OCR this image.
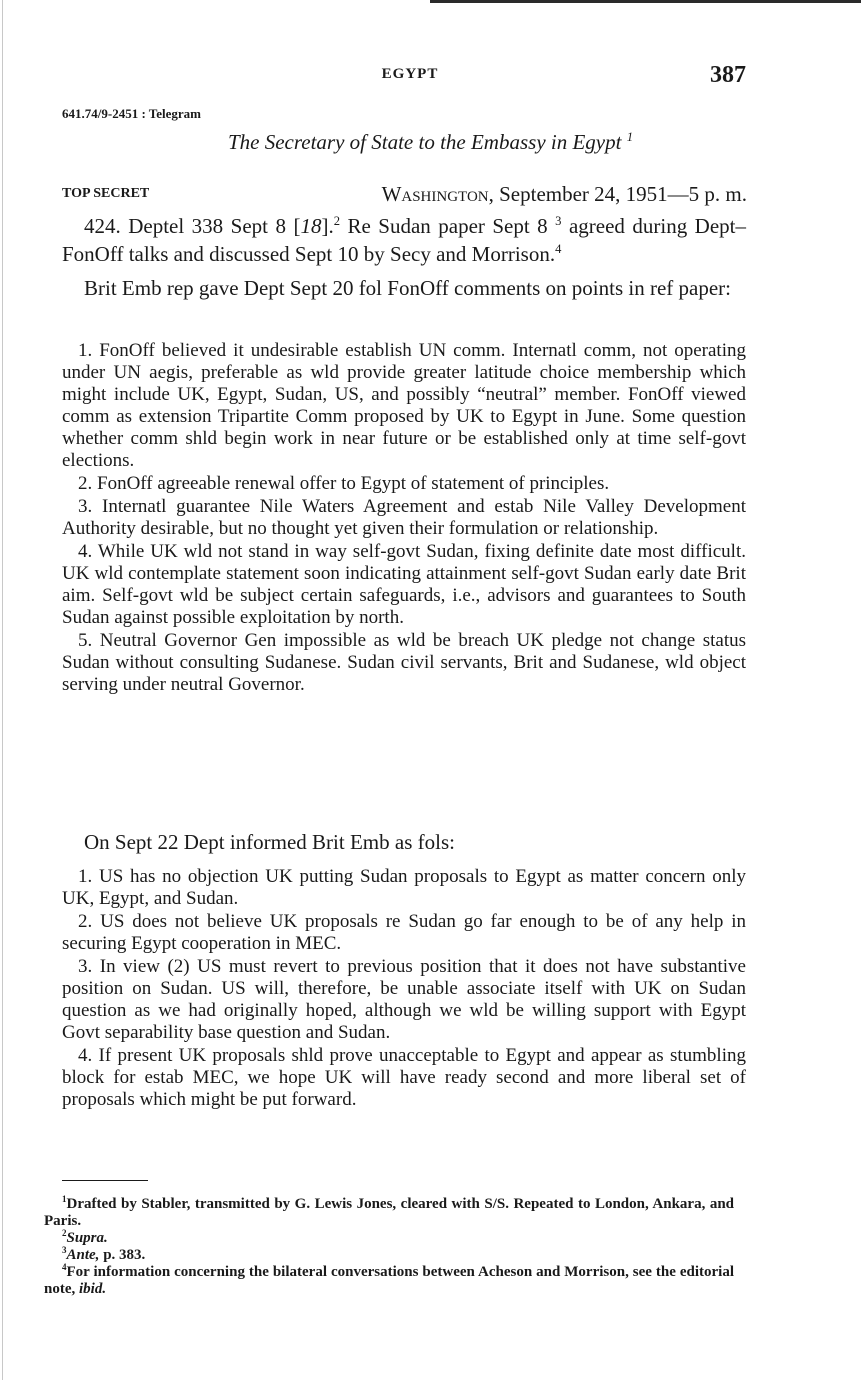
EGYPT	387
641.74/9-2451 : Telegram
The Secretary of State to the Embassy in Egypt $^1$
TOP SECRET	Washington, September 24, 1951—5 p. m.

424. Deptel 338 Sept 8 [18].$^2$ Re Sudan paper Sept 8 $^3$ agreed during Dept–FonOff talks and discussed Sept 10 by Secy and Morrison.$^4$

Brit Emb rep gave Dept Sept 20 fol FonOff comments on points in ref paper:

1. FonOff believed it undesirable establish UN comm. Internatl comm, not operating under UN aegis, preferable as wld provide greater latitude choice membership which might include UK, Egypt, Sudan, US, and possibly “neutral” member. FonOff viewed comm as extension Tripartite Comm proposed by UK to Egypt in June. Some question whether comm shld begin work in near future or be established only at time self-govt elections.

2. FonOff agreeable renewal offer to Egypt of statement of principles.

3. Internatl guarantee Nile Waters Agreement and estab Nile Valley Development Authority desirable, but no thought yet given their formulation or relationship.

4. While UK wld not stand in way self-govt Sudan, fixing definite date most difficult. UK wld contemplate statement soon indicating attainment self-govt Sudan early date Brit aim. Self-govt wld be subject certain safeguards, i.e., advisors and guarantees to South Sudan against possible exploitation by north.

5. Neutral Governor Gen impossible as wld be breach UK pledge not change status Sudan without consulting Sudanese. Sudan civil servants, Brit and Sudanese, wld object serving under neutral Governor.

On Sept 22 Dept informed Brit Emb as fols:

1. US has no objection UK putting Sudan proposals to Egypt as matter concern only UK, Egypt, and Sudan.

2. US does not believe UK proposals re Sudan go far enough to be of any help in securing Egypt cooperation in MEC.

3. In view (2) US must revert to previous position that it does not have substantive position on Sudan. US will, therefore, be unable associate itself with UK on Sudan question as we had originally hoped, although we wld be willing support with Egypt Govt separability base question and Sudan.

4. If present UK proposals shld prove unacceptable to Egypt and appear as stumbling block for estab MEC, we hope UK will have ready second and more liberal set of proposals which might be put forward.

$^1$Drafted by Stabler, transmitted by G. Lewis Jones, cleared with S/S. Repeated to London, Ankara, and Paris.

$^2$Supra.

$^3$Ante, p. 383.

$^4$For information concerning the bilateral conversations between Acheson and Morrison, see the editorial note, ibid.
